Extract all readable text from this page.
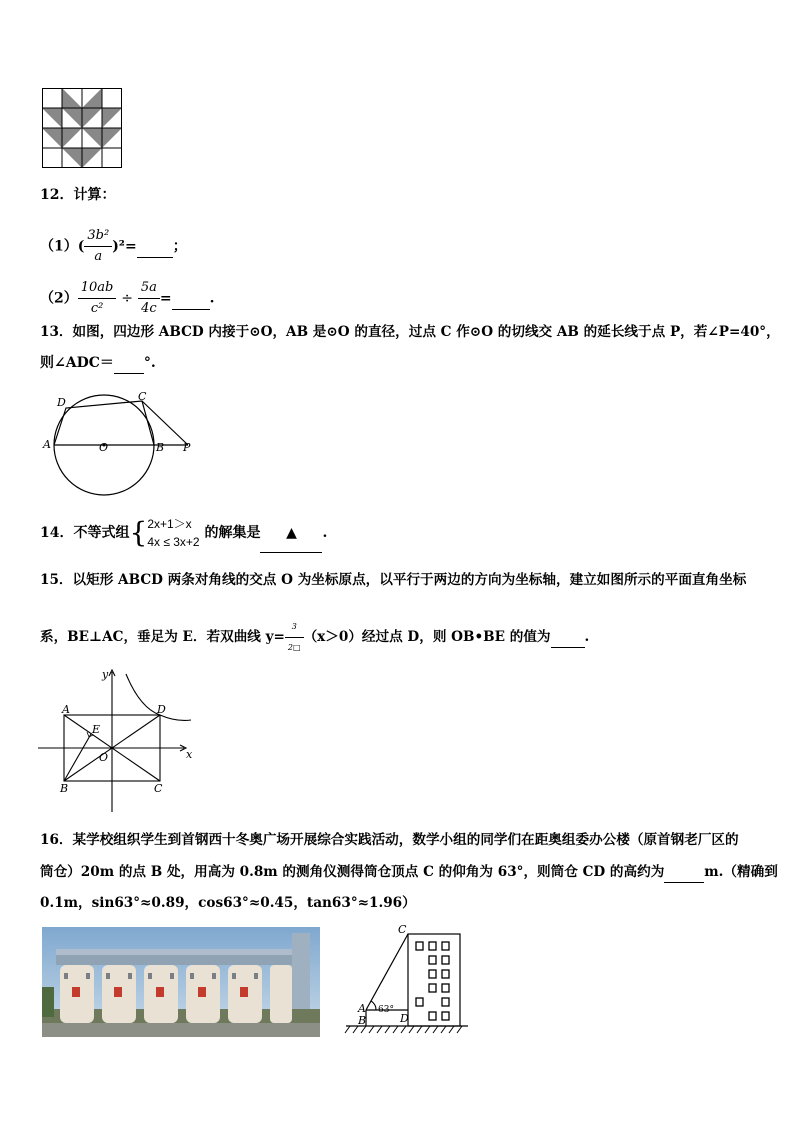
12．计算：
$(1)( \frac{\text{3b²}}{a} )^2=$	；
$(2) \frac{10ab}{\text{c²}} \div \frac{5a}{4c}$ =	.
13．如图，四边形 ABCD 内接于⊙O，AB 是⊙O 的直径，过点 C 作⊙O 的切线交 AB 的延长线于点 P，若∠P=40°，
则∠ADC＝ °.
D	C
A	O	B P
14．不等式组{ 2x+1＞x
4x ≤ 3x+2
的解集是 ▲ .
15．以矩形 ABCD 两条对角线的交点 O 为坐标原点，以平行于两边的方向为坐标轴，建立如图所示的平面直角坐标
系，BE⊥AC，垂足为 E．若双曲线 $y= \frac{3}{2□} (x>0)$经过点 D，则 OB•BE 的值为	.
y
x
A	D
E
O
B	C
16．某学校组织学生到首钢西十冬奥广场开展综合实践活动，数学小组的同学们在距奥组委办公楼（原首钢老厂区的
筒仓）20m 的点 B 处，用高为 0.8m 的测角仪测得筒仓顶点 C 的仰角为 63°，则筒仓 CD 的高约为	m.（精确到
0.1m，sin63°≈0.89，cos63°≈0.45，tan63°≈1.96）
C
A
B	D
63°
